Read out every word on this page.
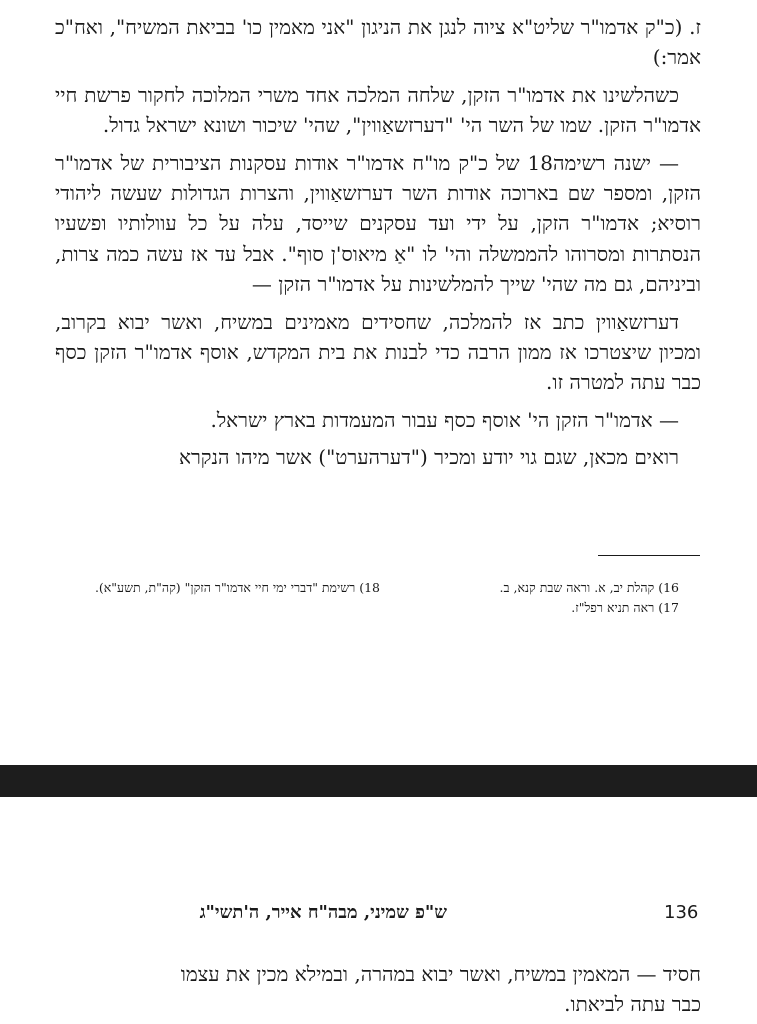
ז. (כ"ק אדמו"ר שליט"א ציוה לנגן את הניגון "אני מאמין כו' בביאת המשיח", ואח"כ אמר:)

כשהלשינו את אדמו"ר הזקן, שלחה המלכה אחד משרי המלוכה לחקור פרשת חיי אדמו"ר הזקן. שמו של השר הי' "דערזשאַווין", שהי' שיכור ושונא ישראל גדול.

— ישנה רשימה18 של כ"ק מו"ח אדמו"ר אודות עסקנות הציבורית של אדמו"ר הזקן, ומספר שם בארוכה אודות השר דערזשאַווין, והצרות הגדולות שעשה ליהודי רוסיא; אדמו"ר הזקן, על ידי ועד עסקנים שייסד, עלה על כל עוולותיו ופשעיו הנסתרות ומסרוהו להממשלה והי' לו "אַ מיאוס'ן סוף". אבל עד אז עשה כמה צרות, וביניהם, גם מה שהי' שייך להמלשינות על אדמו"ר הזקן —

דערזשאַווין כתב אז להמלכה, שחסידים מאמינים במשיח, ואשר יבוא בקרוב, ומכיון שיצטרכו אז ממון הרבה כדי לבנות את בית המקדש, אוסף אדמו"ר הזקן כסף כבר עתה למטרה זו.

— אדמו"ר הזקן הי' אוסף כסף עבור המעמדות בארץ ישראל.

רואים מכאן, שגם גוי יודע ומכיר ("דערהערט") אשר מיהו הנקרא

16) קהלת יב, א. וראה שבת קנא, ב.
17) ראה תניא רפל"ז.
18) רשימת "דברי ימי חיי אדמו"ר הזקן" (קה"ת, תשע"א).
136
ש"פ שמיני, מבה"ח אייר, ה'תשי"ג

חסיד — המאמין במשיח, ואשר יבוא במהרה, ובמילא מכין את עצמו

כבר עתה לביאתו.
